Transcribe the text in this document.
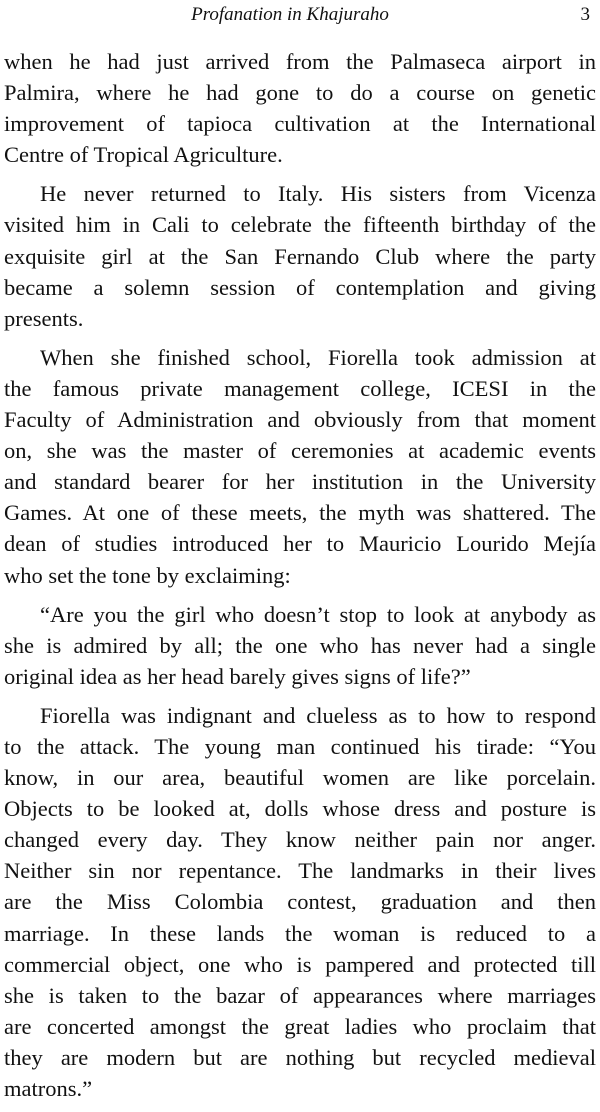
Profanation in Khajuraho	3

when he had just arrived from the Palmaseca airport in
Palmira, where he had gone to do a course on genetic
improvement of tapioca cultivation at the International
Centre of Tropical Agriculture.

He never returned to Italy. His sisters from Vicenza
visited him in Cali to celebrate the fifteenth birthday of the
exquisite girl at the San Fernando Club where the party
became a solemn session of contemplation and giving
presents.

When she finished school, Fiorella took admission at
the famous private management college, ICESI in the
Faculty of Administration and obviously from that moment
on, she was the master of ceremonies at academic events
and standard bearer for her institution in the University
Games. At one of these meets, the myth was shattered. The
dean of studies introduced her to Mauricio Lourido Mejía
who set the tone by exclaiming:

“Are you the girl who doesn’t stop to look at anybody as
she is admired by all; the one who has never had a single
original idea as her head barely gives signs of life?”

Fiorella was indignant and clueless as to how to respond
to the attack. The young man continued his tirade: “You
know, in our area, beautiful women are like porcelain.
Objects to be looked at, dolls whose dress and posture is
changed every day. They know neither pain nor anger.
Neither sin nor repentance. The landmarks in their lives
are the Miss Colombia contest, graduation and then
marriage. In these lands the woman is reduced to a
commercial object, one who is pampered and protected till
she is taken to the bazar of appearances where marriages
are concerted amongst the great ladies who proclaim that
they are modern but are nothing but recycled medieval
matrons.”
